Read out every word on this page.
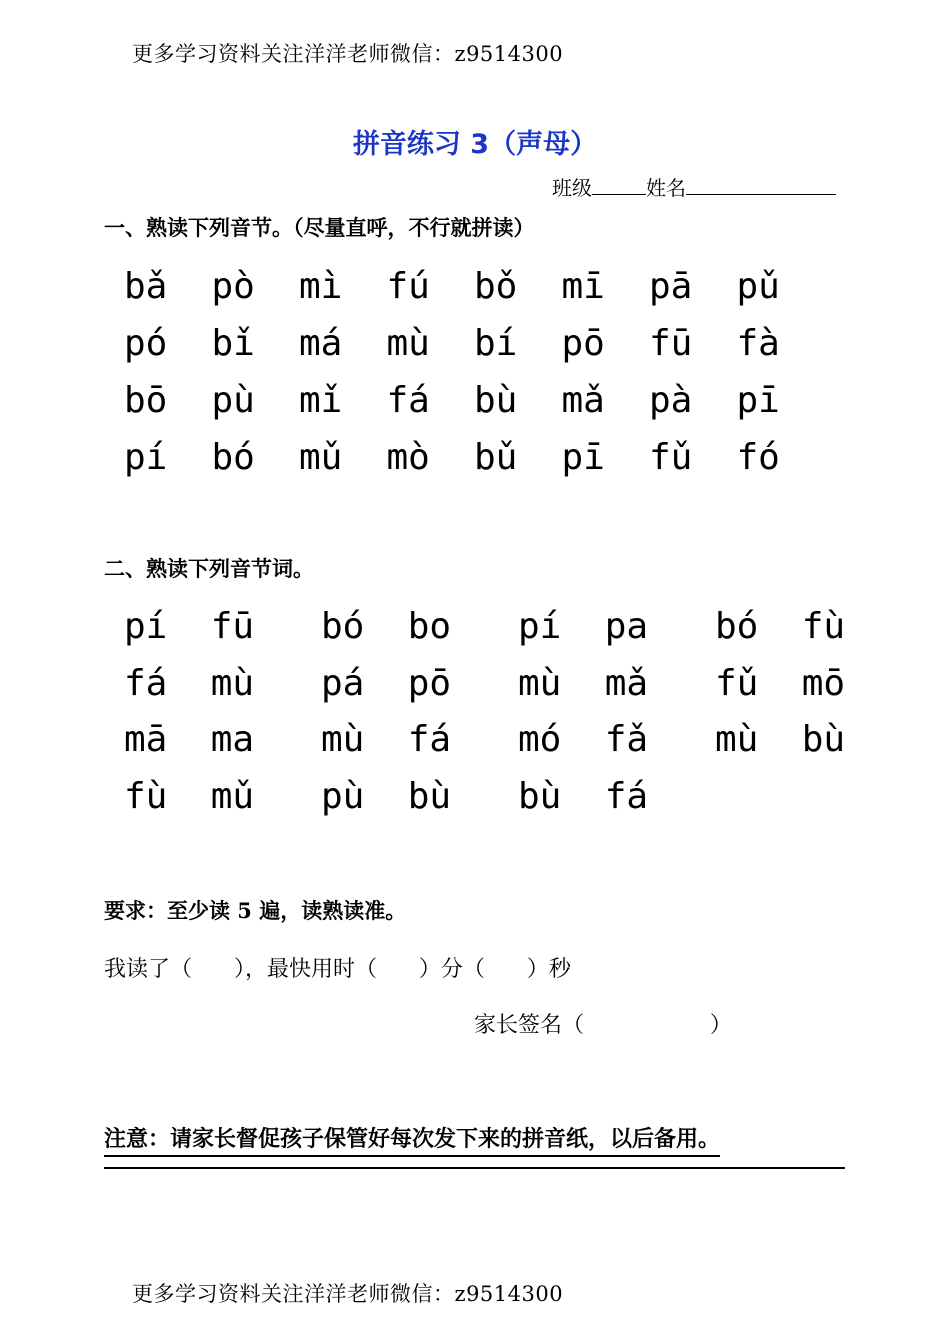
更多学习资料关注洋洋老师微信：z9514300
拼音练习 3（声母）
班级	姓名
一、熟读下列音节。（尽量直呼，不行就拼读）
bǎ	pò	mì	fú	bǒ	mī	pā	pǔ
pó	bǐ	má	mù	bí	pō	fū	fà
bō	pù	mǐ	fá	bù	mǎ	pà	pī
pí	bó	mǔ	mò	bǔ	pī	fǔ	fó
二、熟读下列音节词。
pí  fū	bó  bo	pí  pa	bó  fù
fá  mù	pá  pō	mù  mǎ	fǔ  mō
mā  ma	mù  fá	mó  fǎ	mù  bù
fù  mǔ	pù  bù	bù  fá
要求：至少读 5 遍，读熟读准。
我读了（      ），最快用时（      ）分（      ）秒
家长签名（                  ）
注意：请家长督促孩子保管好每次发下来的拼音纸，以后备用。
更多学习资料关注洋洋老师微信：z9514300
